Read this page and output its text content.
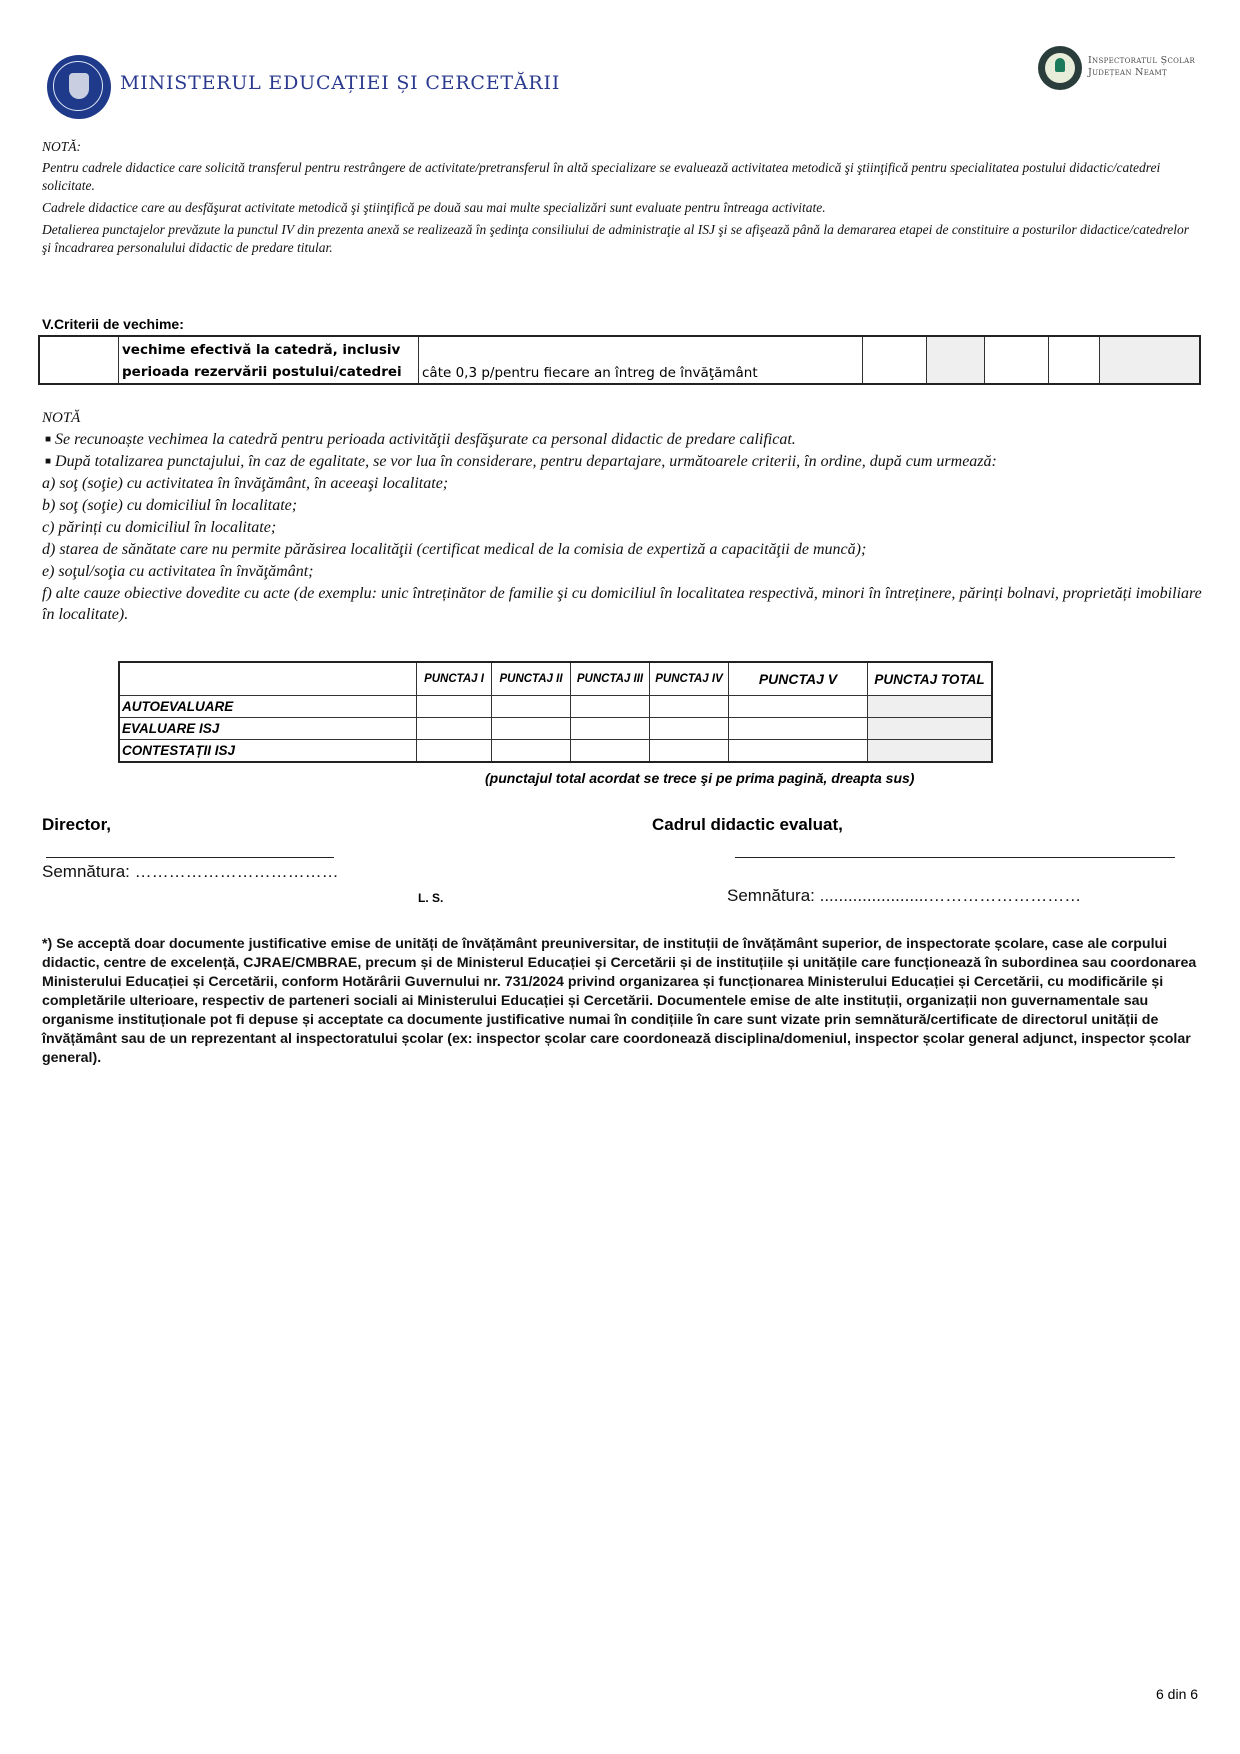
MINISTERUL EDUCAȚIEI ȘI CERCETĂRII
Inspectoratul Școlar
Județean Neamț
NOTĂ:
Pentru cadrele didactice care solicită transferul pentru restrângere de activitate/pretransferul în altă specializare se evaluează activitatea metodică şi ştiinţifică pentru specialitatea postului didactic/catedrei solicitate.
Cadrele didactice care au desfăşurat activitate metodică şi ştiinţifică pe două sau mai multe specializări sunt evaluate pentru întreaga activitate.
Detalierea punctajelor prevăzute la punctul IV din prezenta anexă se realizează în şedinţa consiliului de administraţie al ISJ şi se afişează până la demararea etapei de constituire a posturilor didactice/catedrelor şi încadrarea personalului didactic de predare titular.
V.Criterii de vechime:

vechime efectivă la catedră, inclusiv
perioada rezervării postului/catedrei	câte 0,3 p/pentru fiecare an întreg de învăţământ					
NOTĂ
■ Se recunoaște vechimea la catedră pentru perioada activităţii desfăşurate ca personal didactic de predare calificat.
■ După totalizarea punctajului, în caz de egalitate, se vor lua în considerare, pentru departajare, următoarele criterii, în ordine, după cum urmează:
a) soţ (soţie) cu activitatea în învăţământ, în aceeaşi localitate;
b) soţ (soţie) cu domiciliul în localitate;
c) părinți cu domiciliul în localitate;
d) starea de sănătate care nu permite părăsirea localităţii (certificat medical de la comisia de expertiză a capacităţii de muncă);
e) soţul/soţia cu activitatea în învăţământ;
f) alte cauze obiective dovedite cu acte (de exemplu: unic întreținător de familie şi cu domiciliul în localitatea respectivă, minori în întreținere, părinți bolnavi, proprietăți imobiliare în localitate).
	PUNCTAJ I	PUNCTAJ II	PUNCTAJ III	PUNCTAJ IV	PUNCTAJ V	PUNCTAJ TOTAL
AUTOEVALUARE						
EVALUARE ISJ						
CONTESTAȚII ISJ						
(punctajul total acordat se trece şi pe prima pagină, dreapta sus)
Director,
Semnătura: ………………………………
L. S.
Cadrul didactic evaluat,
Semnătura: .......................………………………
*) Se acceptă doar documente justificative emise de unități de învățământ preuniversitar, de instituții de învățământ superior, de inspectorate școlare, case ale corpului didactic, centre de excelență, CJRAE/CMBRAE, precum și de Ministerul Educației și Cercetării și de instituțiile și unitățile care funcționează în subordinea sau coordonarea Ministerului Educației și Cercetării, conform Hotărârii Guvernului nr. 731/2024 privind organizarea și funcționarea Ministerului Educației și Cercetării, cu modificările și completările ulterioare, respectiv de parteneri sociali ai Ministerului Educației și Cercetării. Documentele emise de alte instituții, organizații non guvernamentale sau organisme instituționale pot fi depuse și acceptate ca documente justificative numai în condițiile în care sunt vizate prin semnătură/certificate de directorul unității de învățământ sau de un reprezentant al inspectoratului școlar (ex: inspector școlar care coordonează disciplina/domeniul, inspector școlar general adjunct, inspector școlar general).
6 din 6
